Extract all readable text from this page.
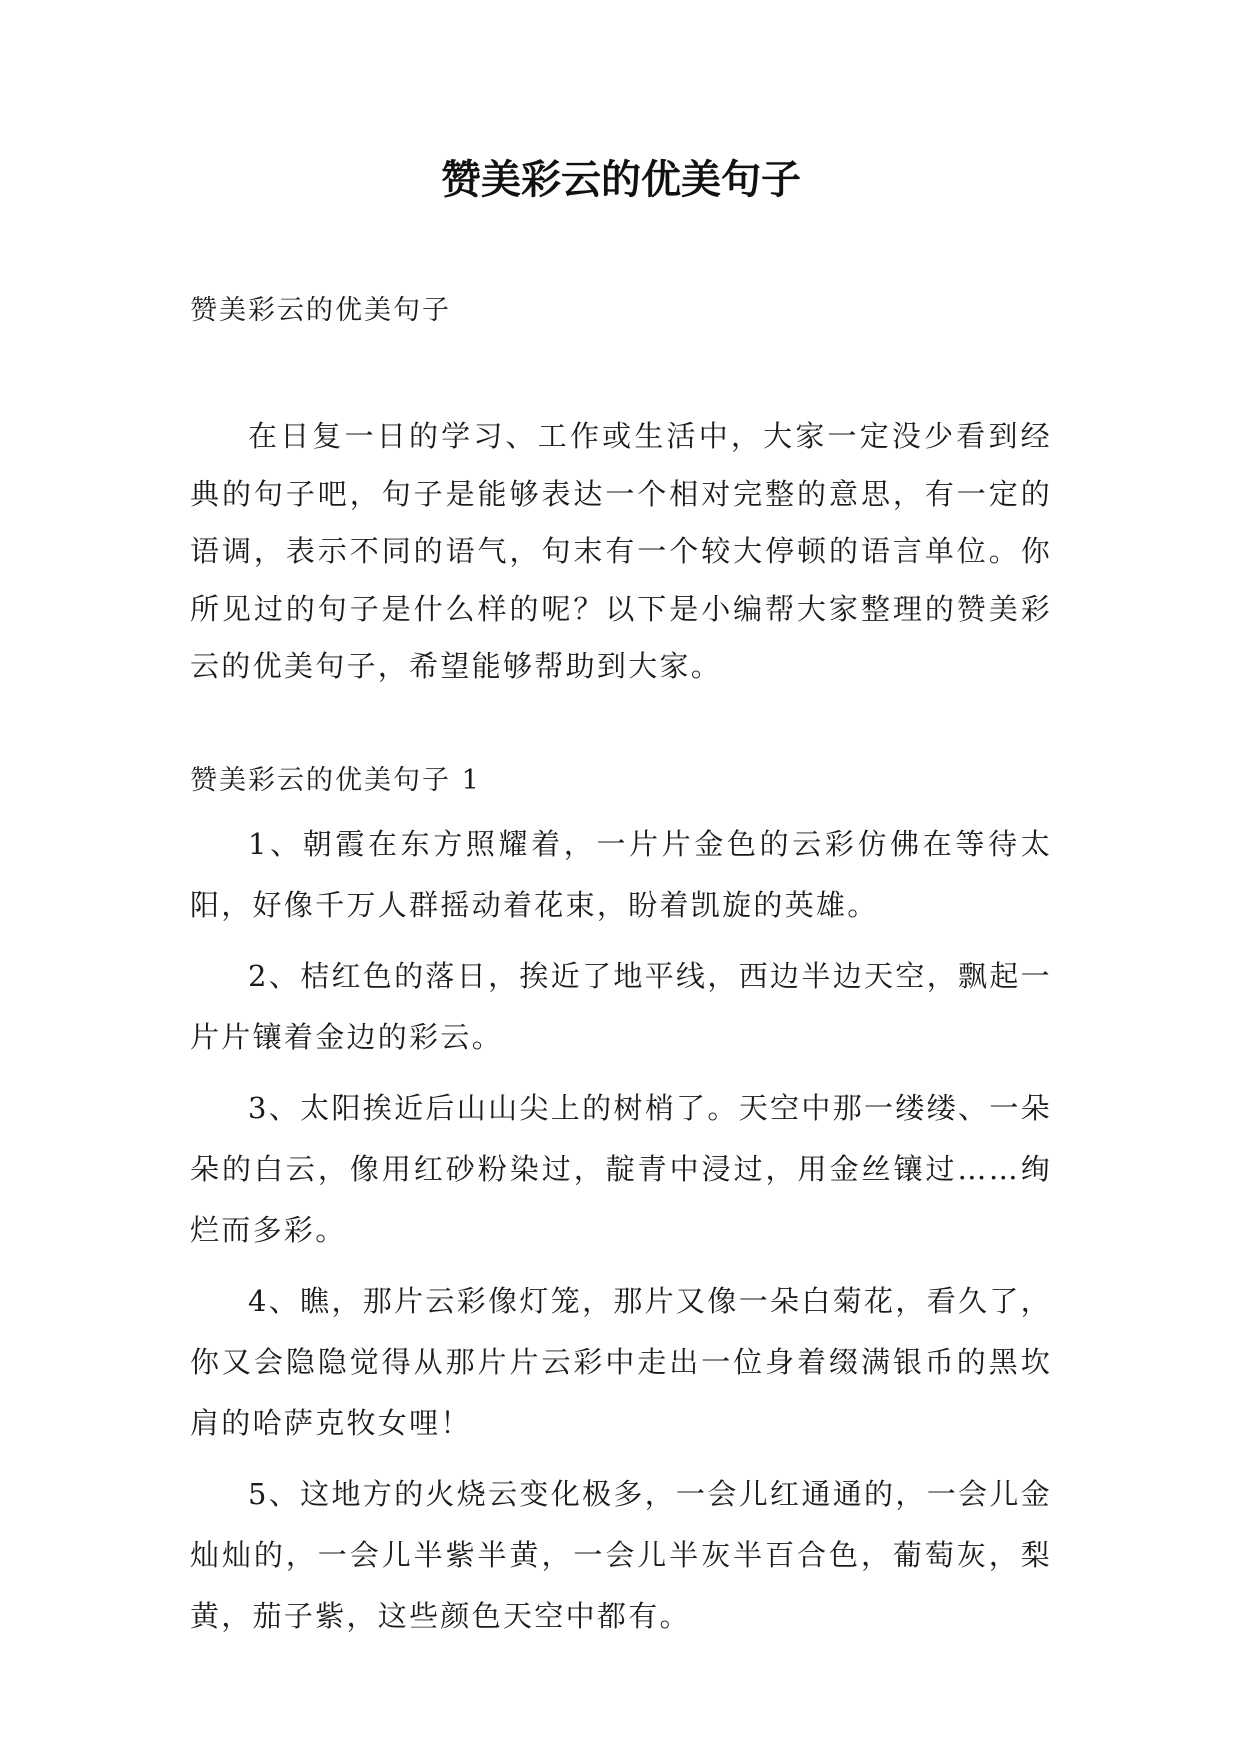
赞美彩云的优美句子
赞美彩云的优美句子

在日复一日的学习、工作或生活中，大家一定没少看到经典的句子吧，句子是能够表达一个相对完整的意思，有一定的语调，表示不同的语气，句末有一个较大停顿的语言单位。你所见过的句子是什么样的呢？以下是小编帮大家整理的赞美彩云的优美句子，希望能够帮助到大家。

赞美彩云的优美句子 1
1、朝霞在东方照耀着，一片片金色的云彩仿佛在等待太阳，好像千万人群摇动着花束，盼着凯旋的英雄。
2、桔红色的落日，挨近了地平线，西边半边天空，飘起一片片镶着金边的彩云。
3、太阳挨近后山山尖上的树梢了。天空中那一缕缕、一朵朵的白云，像用红砂粉染过，靛青中浸过，用金丝镶过……绚烂而多彩。
4、瞧，那片云彩像灯笼，那片又像一朵白菊花，看久了，你又会隐隐觉得从那片片云彩中走出一位身着缀满银币的黑坎肩的哈萨克牧女哩！
5、这地方的火烧云变化极多，一会儿红通通的，一会儿金灿灿的，一会儿半紫半黄，一会儿半灰半百合色，葡萄灰，梨黄，茄子紫，这些颜色天空中都有。
